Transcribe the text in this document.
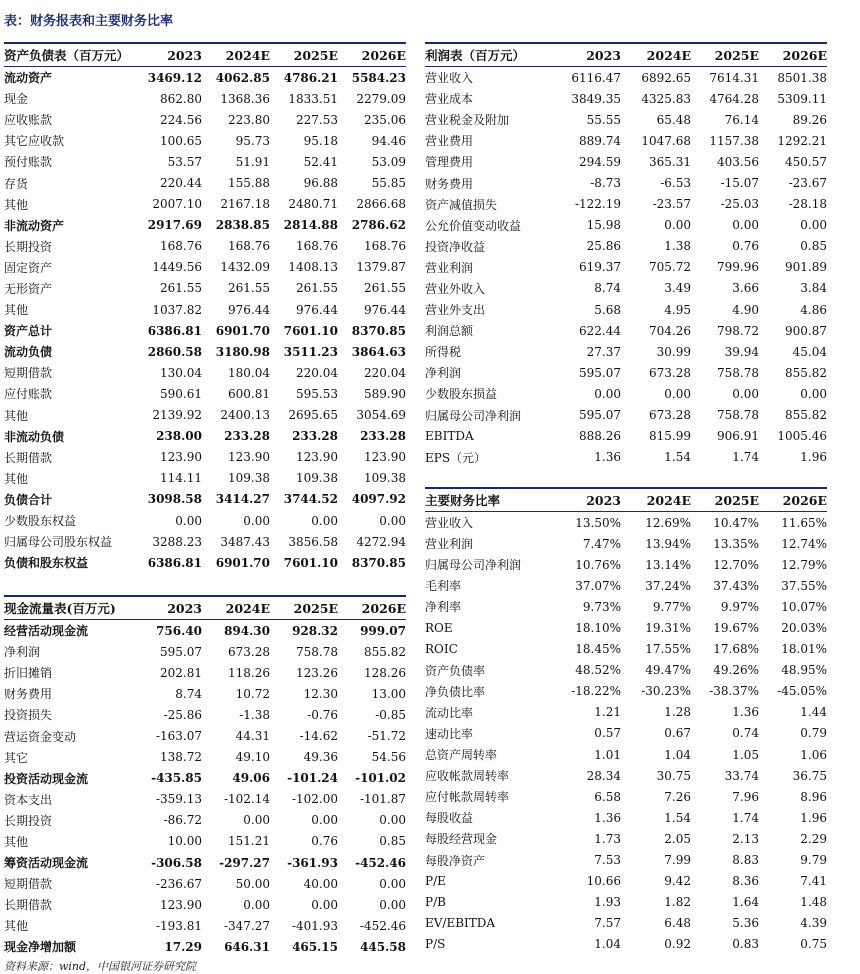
表：财务报表和主要财务比率
资产负债表（百万元）	2023	2024E	2025E	2026E
流动资产	3469.12	4062.85	4786.21	5584.23
现金	862.80	1368.36	1833.51	2279.09
应收账款	224.56	223.80	227.53	235.06
其它应收款	100.65	95.73	95.18	94.46
预付账款	53.57	51.91	52.41	53.09
存货	220.44	155.88	96.88	55.85
其他	2007.10	2167.18	2480.71	2866.68
非流动资产	2917.69	2838.85	2814.88	2786.62
长期投资	168.76	168.76	168.76	168.76
固定资产	1449.56	1432.09	1408.13	1379.87
无形资产	261.55	261.55	261.55	261.55
其他	1037.82	976.44	976.44	976.44
资产总计	6386.81	6901.70	7601.10	8370.85
流动负债	2860.58	3180.98	3511.23	3864.63
短期借款	130.04	180.04	220.04	220.04
应付账款	590.61	600.81	595.53	589.90
其他	2139.92	2400.13	2695.65	3054.69
非流动负债	238.00	233.28	233.28	233.28
长期借款	123.90	123.90	123.90	123.90
其他	114.11	109.38	109.38	109.38
负债合计	3098.58	3414.27	3744.52	4097.92
少数股东权益	0.00	0.00	0.00	0.00
归属母公司股东权益	3288.23	3487.43	3856.58	4272.94
负债和股东权益	6386.81	6901.70	7601.10	8370.85
利润表（百万元）	2023	2024E	2025E	2026E
营业收入	6116.47	6892.65	7614.31	8501.38
营业成本	3849.35	4325.83	4764.28	5309.11
营业税金及附加	55.55	65.48	76.14	89.26
营业费用	889.74	1047.68	1157.38	1292.21
管理费用	294.59	365.31	403.56	450.57
财务费用	-8.73	-6.53	-15.07	-23.67
资产减值损失	-122.19	-23.57	-25.03	-28.18
公允价值变动收益	15.98	0.00	0.00	0.00
投资净收益	25.86	1.38	0.76	0.85
营业利润	619.37	705.72	799.96	901.89
营业外收入	8.74	3.49	3.66	3.84
营业外支出	5.68	4.95	4.90	4.86
利润总额	622.44	704.26	798.72	900.87
所得税	27.37	30.99	39.94	45.04
净利润	595.07	673.28	758.78	855.82
少数股东损益	0.00	0.00	0.00	0.00
归属母公司净利润	595.07	673.28	758.78	855.82
EBITDA	888.26	815.99	906.91	1005.46
EPS（元）	1.36	1.54	1.74	1.96
现金流量表(百万元)	2023	2024E	2025E	2026E
经营活动现金流	756.40	894.30	928.32	999.07
净利润	595.07	673.28	758.78	855.82
折旧摊销	202.81	118.26	123.26	128.26
财务费用	8.74	10.72	12.30	13.00
投资损失	-25.86	-1.38	-0.76	-0.85
营运资金变动	-163.07	44.31	-14.62	-51.72
其它	138.72	49.10	49.36	54.56
投资活动现金流	-435.85	49.06	-101.24	-101.02
资本支出	-359.13	-102.14	-102.00	-101.87
长期投资	-86.72	0.00	0.00	0.00
其他	10.00	151.21	0.76	0.85
筹资活动现金流	-306.58	-297.27	-361.93	-452.46
短期借款	-236.67	50.00	40.00	0.00
长期借款	123.90	0.00	0.00	0.00
其他	-193.81	-347.27	-401.93	-452.46
现金净增加额	17.29	646.31	465.15	445.58
主要财务比率	2023	2024E	2025E	2026E
营业收入	13.50%	12.69%	10.47%	11.65%
营业利润	7.47%	13.94%	13.35%	12.74%
归属母公司净利润	10.76%	13.14%	12.70%	12.79%
毛利率	37.07%	37.24%	37.43%	37.55%
净利率	9.73%	9.77%	9.97%	10.07%
ROE	18.10%	19.31%	19.67%	20.03%
ROIC	18.45%	17.55%	17.68%	18.01%
资产负债率	48.52%	49.47%	49.26%	48.95%
净负债比率	-18.22%	-30.23%	-38.37%	-45.05%
流动比率	1.21	1.28	1.36	1.44
速动比率	0.57	0.67	0.74	0.79
总资产周转率	1.01	1.04	1.05	1.06
应收帐款周转率	28.34	30.75	33.74	36.75
应付帐款周转率	6.58	7.26	7.96	8.96
每股收益	1.36	1.54	1.74	1.96
每股经营现金	1.73	2.05	2.13	2.29
每股净资产	7.53	7.99	8.83	9.79
P/E	10.66	9.42	8.36	7.41
P/B	1.93	1.82	1.64	1.48
EV/EBITDA	7.57	6.48	5.36	4.39
P/S	1.04	0.92	0.83	0.75
资料来源：wind，中国银河证券研究院
